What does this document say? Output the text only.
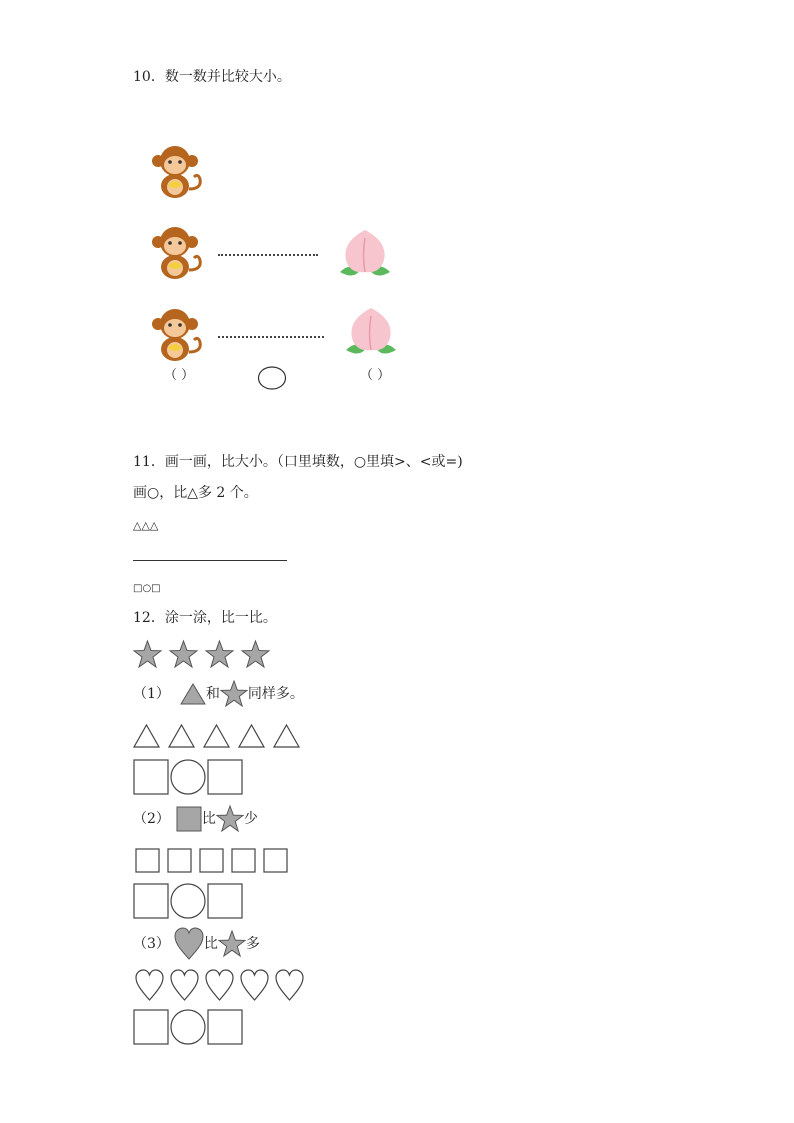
10．数一数并比较大小。
（ ）	（ ）
11．画一画，比大小。（口里填数，○里填>、<或=)
画○，比△多 2 个。
△△△
□○□
12．涂一涂，比一比。
（1）	和 同样多。
（2） 比 少
（3） 比 多
